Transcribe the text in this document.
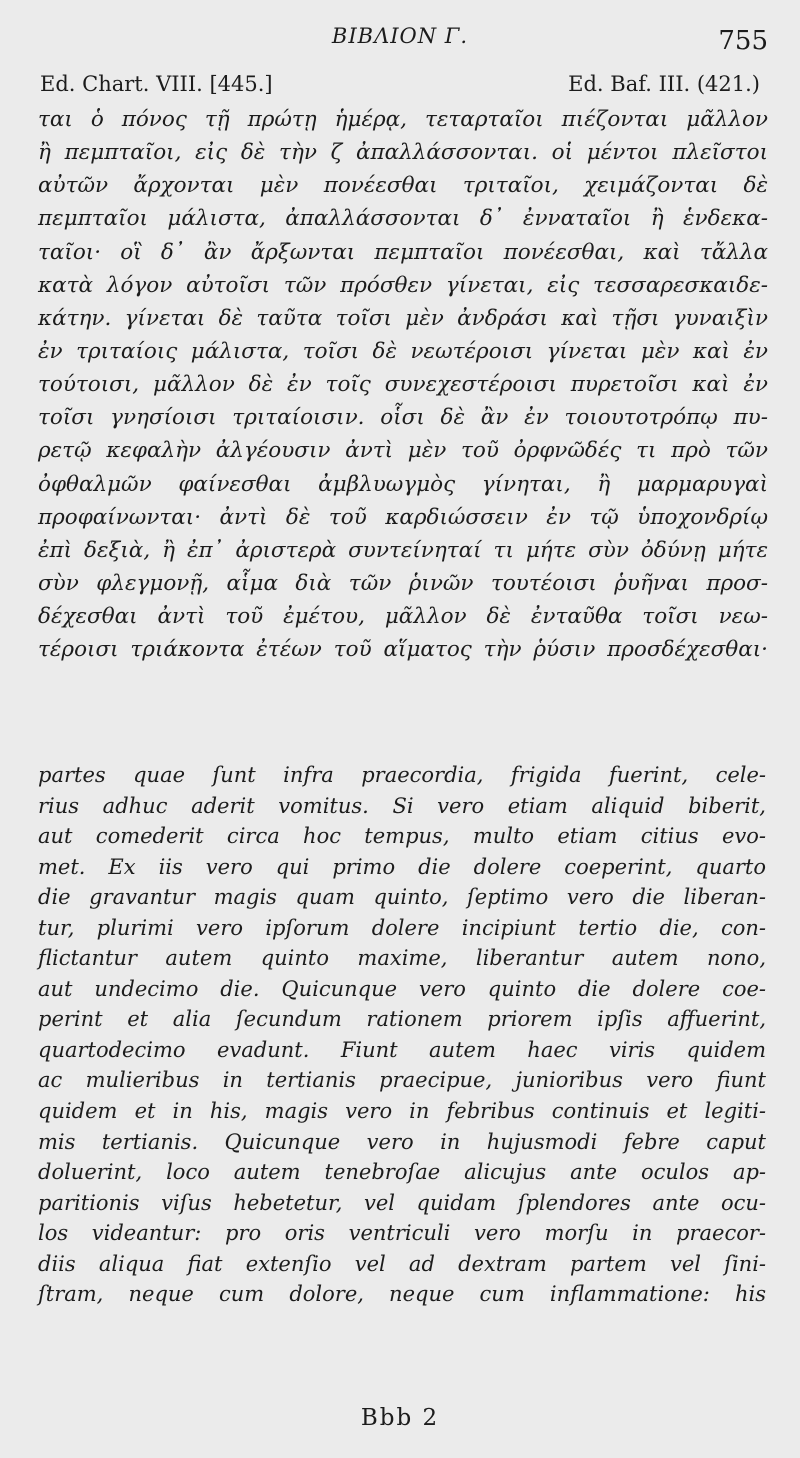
BIBΛΙΟΝ Γ.	755
Ed. Chart. VIII. [445.]	Ed. Baf. III. (421.)
ται ὁ πόνος τῇ πρώτῃ ἡμέρᾳ, τεταρταῖοι πιέζονται μᾶλλον
ἢ πεμπταῖοι, εἰς δὲ τὴν ζ ἀπαλλάσσονται. οἱ μέντοι πλεῖστοι
αὐτῶν ἄρχονται μὲν πονέεσθαι τριταῖοι, χειμάζονται δὲ
πεμπταῖοι μάλιστα, ἀπαλλάσσονται δ᾽ ἐνναταῖοι ἢ ἑνδεκα-
ταῖοι· οἳ δ᾽ ἂν ἄρξωνται πεμπταῖοι πονέεσθαι, καὶ τἄλλα
κατὰ λόγον αὐτοῖσι τῶν πρόσθεν γίνεται, εἰς τεσσαρεσκαιδε-
κάτην. γίνεται δὲ ταῦτα τοῖσι μὲν ἀνδράσι καὶ τῇσι γυναιξὶν
ἐν τριταίοις μάλιστα, τοῖσι δὲ νεωτέροισι γίνεται μὲν καὶ ἐν
τούτοισι, μᾶλλον δὲ ἐν τοῖς συνεχεστέροισι πυρετοῖσι καὶ ἐν
τοῖσι γνησίοισι τριταίοισιν. οἷσι δὲ ἂν ἐν τοιουτοτρόπῳ πυ-
ρετῷ κεφαλὴν ἀλγέουσιν ἀντὶ μὲν τοῦ ὀρφνῶδές τι πρὸ τῶν
ὀφθαλμῶν φαίνεσθαι ἀμβλυωγμὸς γίνηται, ἢ μαρμαρυγαὶ
προφαίνωνται· ἀντὶ δὲ τοῦ καρδιώσσειν ἐν τῷ ὑποχονδρίῳ
ἐπὶ δεξιὰ, ἢ ἐπ᾽ ἀριστερὰ συντείνηταί τι μήτε σὺν ὀδύνῃ μήτε
σὺν φλεγμονῇ, αἷμα διὰ τῶν ῥινῶν τουτέοισι ῥυῆναι προσ-
δέχεσθαι ἀντὶ τοῦ ἐμέτου, μᾶλλον δὲ ἐνταῦθα τοῖσι νεω-
τέροισι τριάκοντα ἐτέων τοῦ αἵματος τὴν ῥύσιν προσδέχεσθαι·
partes quae ſunt infra praecordia, frigida fuerint, cele-
rius adhuc aderit vomitus. Si vero etiam aliquid biberit,
aut comederit circa hoc tempus, multo etiam citius evo-
met. Ex iis vero qui primo die dolere coeperint, quarto
die gravantur magis quam quinto, ſeptimo vero die liberan-
tur, plurimi vero ipſorum dolere incipiunt tertio die, con-
flictantur autem quinto maxime, liberantur autem nono,
aut undecimo die. Quicunque vero quinto die dolere coe-
perint et alia ſecundum rationem priorem ipſis affuerint,
quartodecimo evadunt. Fiunt autem haec viris quidem
ac mulieribus in tertianis praecipue, junioribus vero fiunt
quidem et in his, magis vero in febribus continuis et legiti-
mis tertianis. Quicunque vero in hujusmodi febre caput
doluerint, loco autem tenebroſae alicujus ante oculos ap-
paritionis viſus hebetetur, vel quidam ſplendores ante ocu-
los videantur: pro oris ventriculi vero morſu in praecor-
diis aliqua fiat extenſio vel ad dextram partem vel ſini-
ſtram, neque cum dolore, neque cum inflammatione: his
Bbb 2
